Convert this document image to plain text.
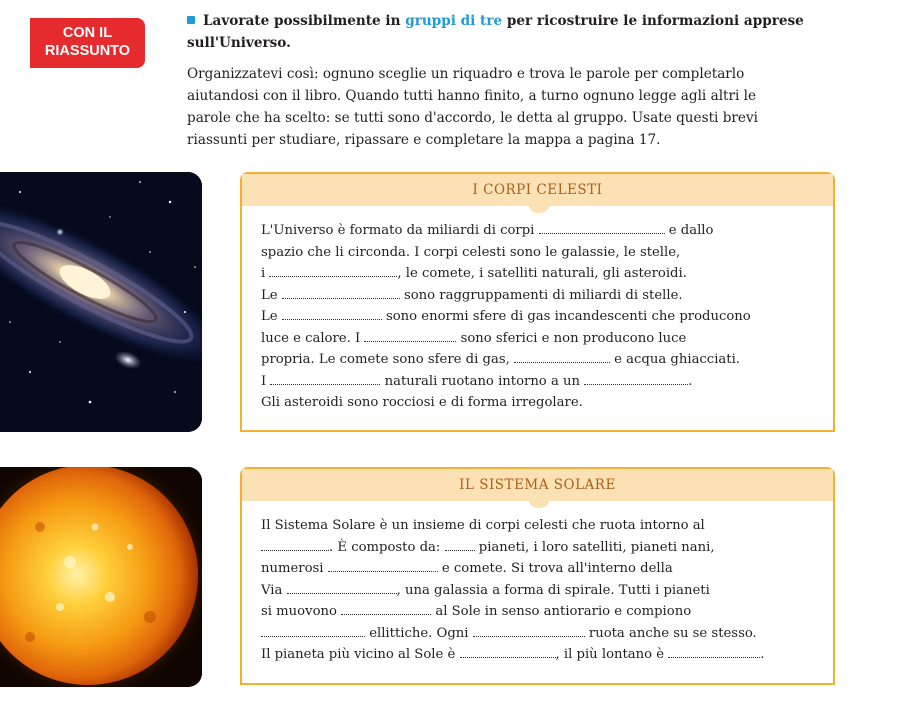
CON IL
RIASSUNTO

Lavorate possibilmente in gruppi di tre per ricostruire le informazioni apprese
sull'Universo.

Organizzatevi così: ognuno sceglie un riquadro e trova le parole per completarlo
aiutandosi con il libro. Quando tutti hanno finito, a turno ognuno legge agli altri le
parole che ha scelto: se tutti sono d'accordo, le detta al gruppo. Usate questi brevi
riassunti per studiare, ripassare e completare la mappa a pagina 17.

I CORPI CELESTI
L'Universo è formato da miliardi di corpi	e dallo
spazio che li circonda. I corpi celesti sono le galassie, le stelle,
i	, le comete, i satelliti naturali, gli asteroidi.
Le	sono raggruppamenti di miliardi di stelle.
Le	sono enormi sfere di gas incandescenti che producono
luce e calore. I	sono sferici e non producono luce
propria. Le comete sono sfere di gas,	e acqua ghiacciati.
I	naturali ruotano intorno a un	.
Gli asteroidi sono rocciosi e di forma irregolare.
IL SISTEMA SOLARE
Il Sistema Solare è un insieme di corpi celesti che ruota intorno al
. È composto da:  pianeti, i loro satelliti, pianeti nani,
numerosi	e comete. Si trova all'interno della
Via	, una galassia a forma di spirale. Tutti i pianeti
si muovono	al Sole in senso antiorario e compiono
ellittiche. Ogni	ruota anche su se stesso.
Il pianeta più vicino al Sole è	, il più lontano è	.
